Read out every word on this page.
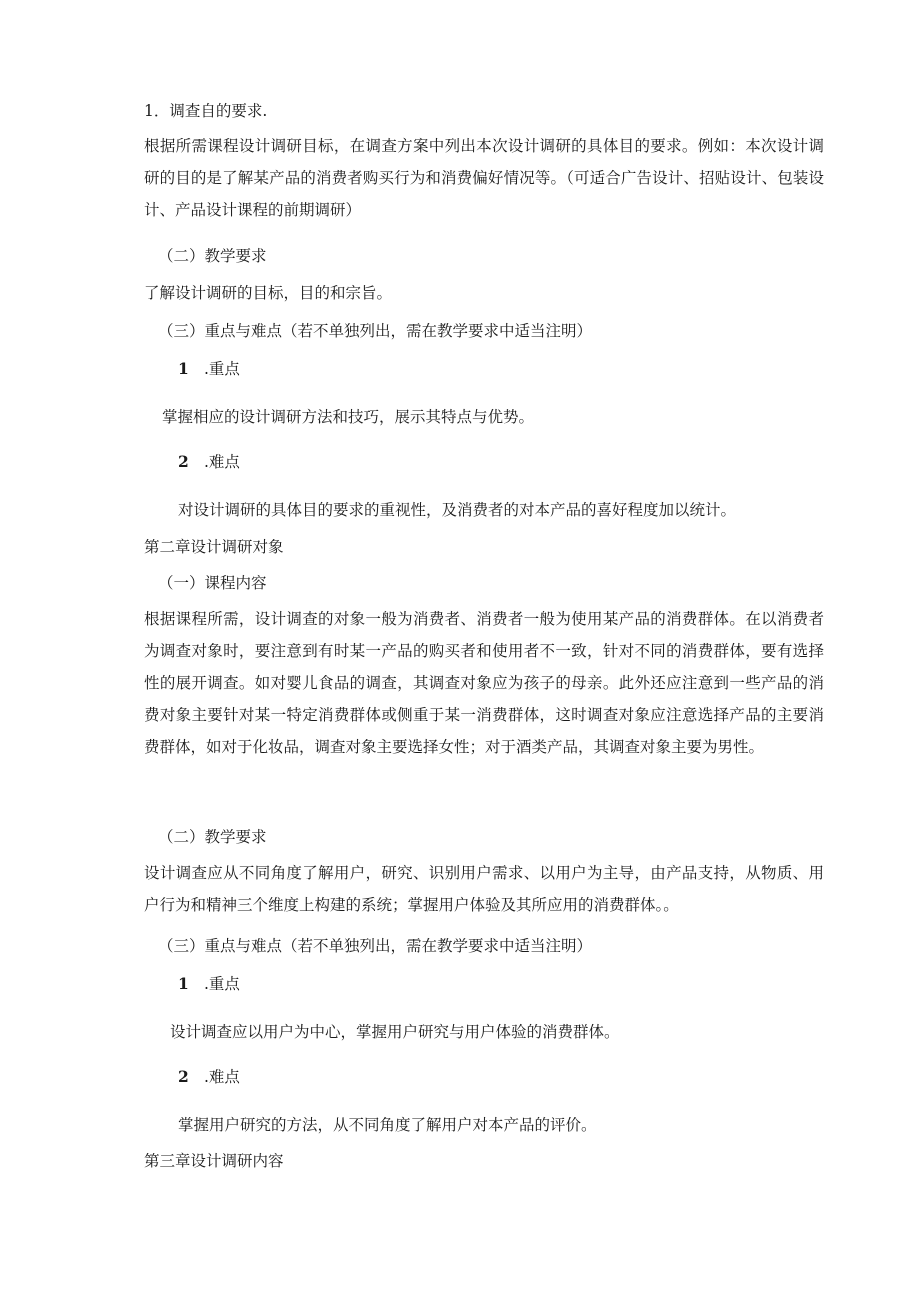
1．调查自的要求.

根据所需课程设计调研目标，在调查方案中列出本次设计调研的具体目的要求。例如：本次设计调研的目的是了解某产品的消费者购买行为和消费偏好情况等。（可适合广告设计、招贴设计、包装设计、产品设计课程的前期调研）

（二）教学要求

了解设计调研的目标，目的和宗旨。

（三）重点与难点（若不单独列出，需在教学要求中适当注明）

1 .重点

掌握相应的设计调研方法和技巧，展示其特点与优势。

2 .难点

对设计调研的具体目的要求的重视性，及消费者的对本产品的喜好程度加以统计。

第二章设计调研对象

（一）课程内容

根据课程所需，设计调查的对象一般为消费者、消费者一般为使用某产品的消费群体。在以消费者为调查对象时，要注意到有时某一产品的购买者和使用者不一致，针对不同的消费群体，要有选择性的展开调查。如对婴儿食品的调查，其调查对象应为孩子的母亲。此外还应注意到一些产品的消费对象主要针对某一特定消费群体或侧重于某一消费群体，这时调查对象应注意选择产品的主要消费群体，如对于化妆品，调查对象主要选择女性；对于酒类产品，其调查对象主要为男性。

（二）教学要求

设计调查应从不同角度了解用户，研究、识别用户需求、以用户为主导，由产品支持，从物质、用户行为和精神三个维度上构建的系统；掌握用户体验及其所应用的消费群体。。

（三）重点与难点（若不单独列出，需在教学要求中适当注明）

1 .重点

设计调查应以用户为中心，掌握用户研究与用户体验的消费群体。

2 .难点

掌握用户研究的方法，从不同角度了解用户对本产品的评价。

第三章设计调研内容
